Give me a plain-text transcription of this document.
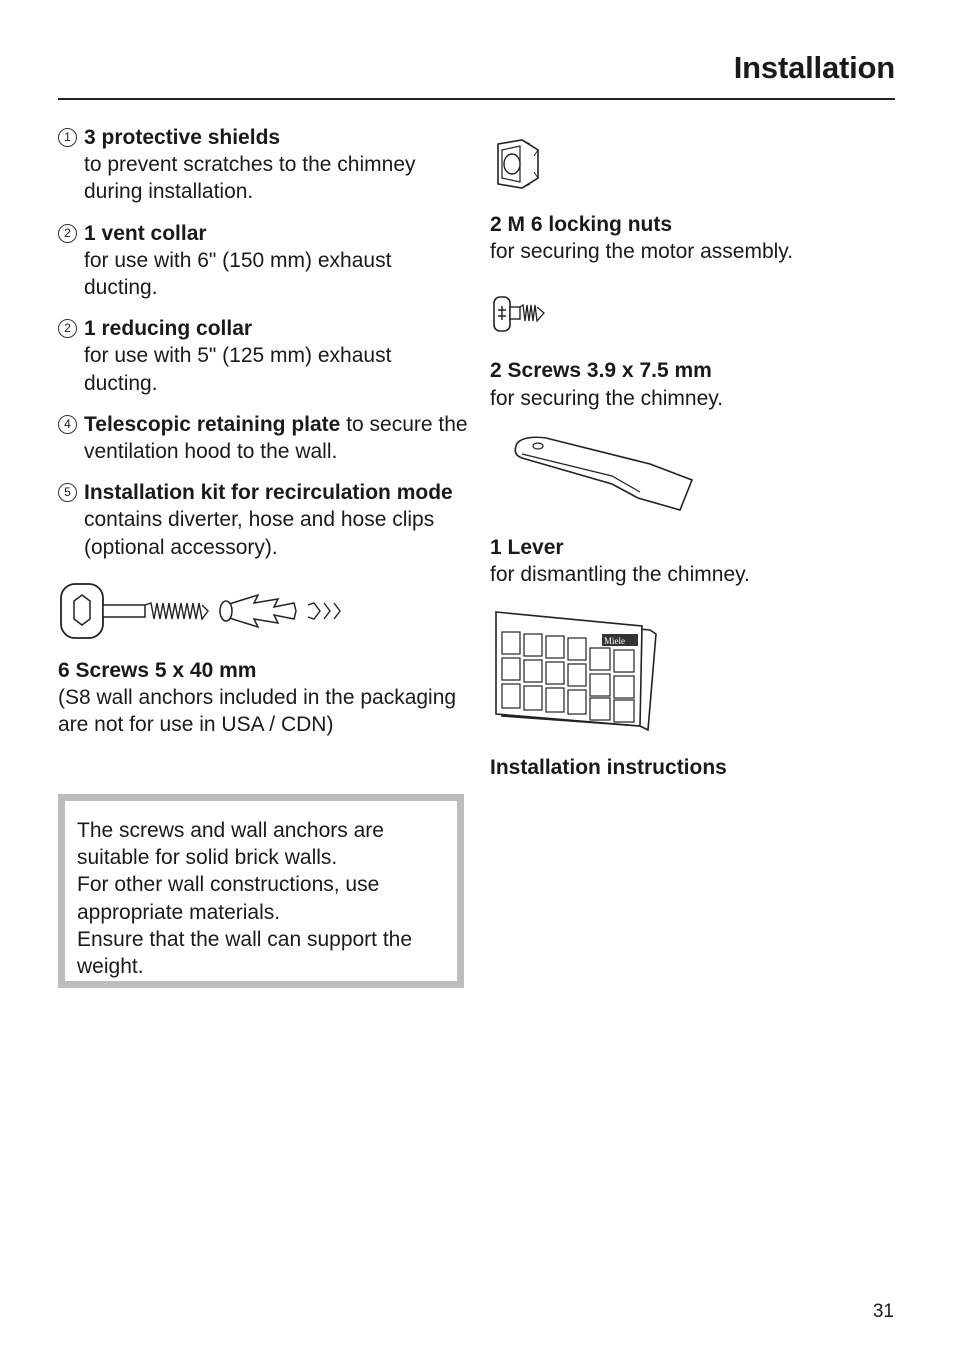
Installation
1 3 protective shields
to prevent scratches to the chimney during installation.
2 1 vent collar
for use with 6" (150 mm) exhaust ducting.
2 1 reducing collar
for use with 5" (125 mm) exhaust ducting.
4 Telescopic retaining plate to secure the ventilation hood to the wall.
5 Installation kit for recirculation mode
contains diverter, hose and hose clips (optional accessory).
6 Screws 5 x 40 mm
(S8 wall anchors included in the packaging are not for use in USA / CDN)
The screws and wall anchors are suitable for solid brick walls.
For other wall constructions, use appropriate materials.
Ensure that the wall can support the weight.
2 M 6 locking nuts
for securing the motor assembly.
2 Screws 3.9 x 7.5 mm
for securing the chimney.
1 Lever
for dismantling the chimney.
Miele
Installation instructions
31
